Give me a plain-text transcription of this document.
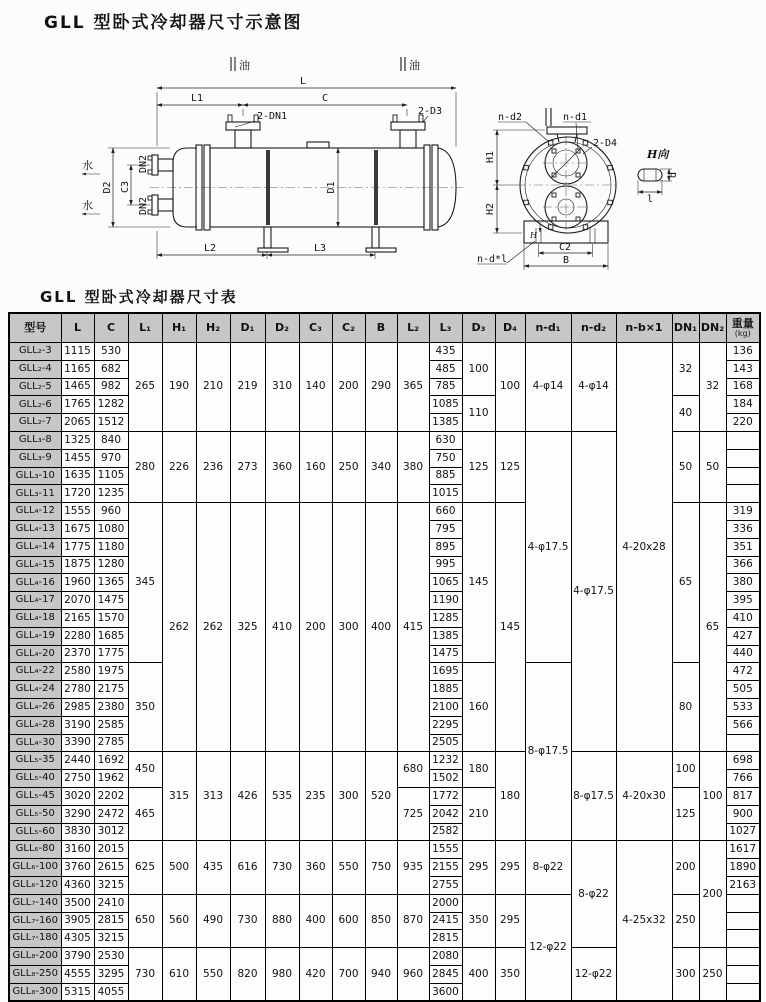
GLL 型卧式冷却器尺寸示意图
油	油
水
水
L
L1	C
2-DN1	2-D3
D2 C3
DN2
DN2
D1
L2	L3
H
H1
H2
C2
B
n-d2	n-d1
2-D4
n-d*l
H向
d
l
GLL 型卧式冷却器尺寸表
型号	L	C	L₁	H₁	H₂	D₁	D₂	C₃	C₂	B	L₂	L₃	D₃	D₄	n-d₁	n-d₂	n-b×1	DN₁	DN₂	重量
(kg)

GLL₂-3	1115	530	265	190	210	219	310	140	200	290	365	435	100	100	4-φ14	4-φ14	4-20x28	32	32	136
GLL₂-4	1165	682										485								143
GLL₂-5	1465	982										785								168
GLL₂-6	1765	1282										1085	110					40		184
GLL₂-7	2065	1512										1385								220
GLL₃-8	1325	840	280	226	236	273	360	160	250	340	380	630	125	125	4-φ17.5	4-φ17.5		50	50	
GLL₃-9	1455	970										750								
GLL₃-10	1635	1105										885								
GLL₃-11	1720	1235										1015								
GLL₄-12	1555	960	345	262	262	325	410	200	300	400	415	660	145	145				65	65	319
GLL₄-13	1675	1080										795								336
GLL₄-14	1775	1180										895								351
GLL₄-15	1875	1280										995								366
GLL₄-16	1960	1365										1065								380
GLL₄-17	2070	1475										1190								395
GLL₄-18	2165	1570										1285								410
GLL₄-19	2280	1685										1385								427
GLL₄-20	2370	1775										1475								440
GLL₄-22	2580	1975	350									1695	160		8-φ17.5			80		472
GLL₄-24	2780	2175										1885								505
GLL₄-26	2985	2380										2100								533
GLL₄-28	3190	2585										2295								566
GLL₄-30	3390	2785										2505								
GLL₅-35	2440	1692	450	315	313	426	535	235	300	520	680	1232	180	180		8-φ17.5	4-20x30	100	100	698
GLL₅-40	2750	1962										1502								766
GLL₅-45	3020	2202	465								725	1772	210					125		817
GLL₅-50	3290	2472										2042								900
GLL₅-60	3830	3012										2582								1027
GLL₆-80	3160	2015	625	500	435	616	730	360	550	750	935	1555	295	295	8-φ22	8-φ22	4-25x32	200	200	1617
GLL₆-100	3760	2615										2155								1890
GLL₆-120	4360	3215										2755								2163
GLL₇-140	3500	2410	650	560	490	730	880	400	600	850	870	2000	350	295	12-φ22			250		
GLL₇-160	3905	2815										2415								
GLL₇-180	4305	3215										2815								
GLL₈-200	3790	2530	730	610	550	820	980	420	700	940	960	2080	400	350		12-φ22		300	250	
GLL₈-250	4555	3295										2845								
GLL₈-300	5315	4055										3600								
